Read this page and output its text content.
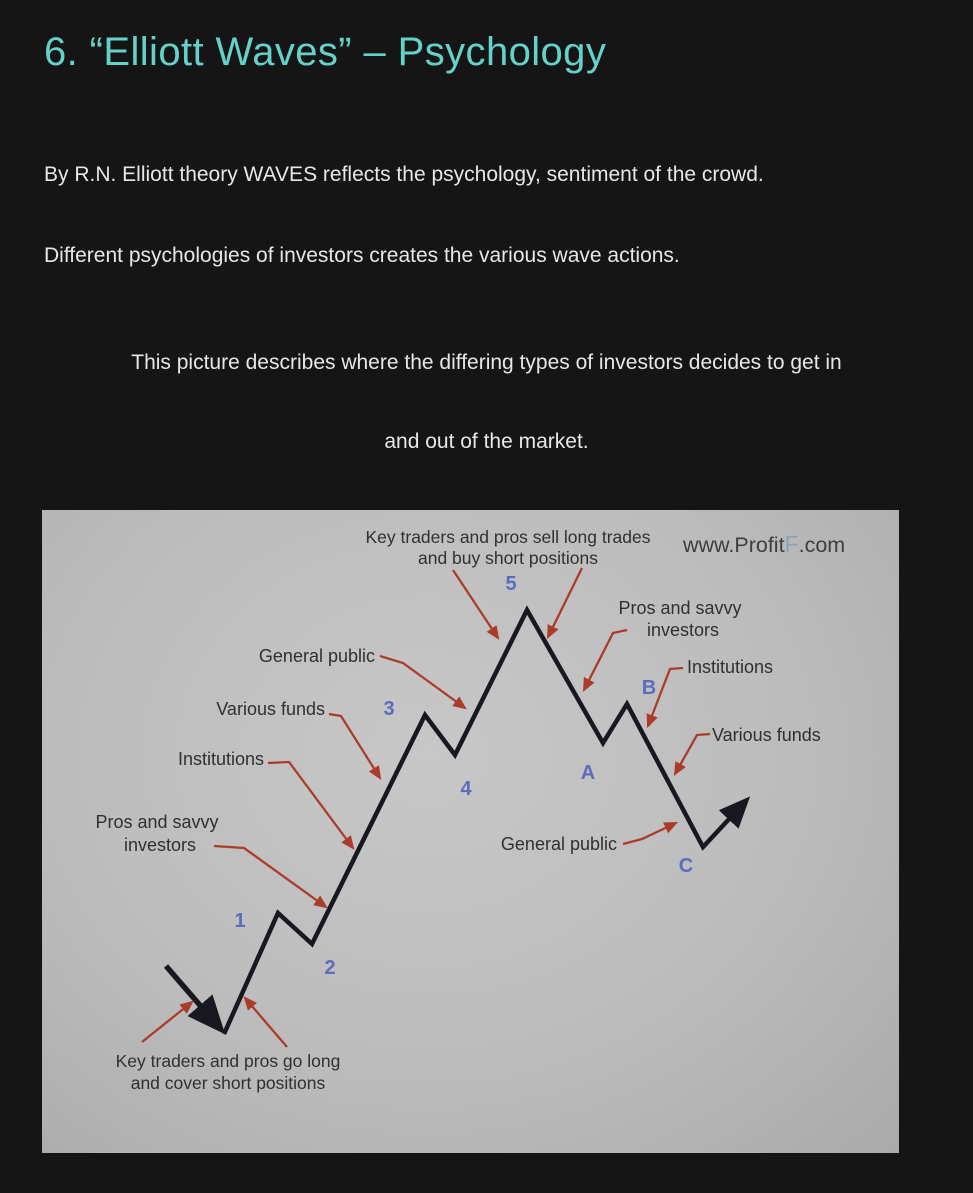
6. “Elliott Waves” – Psychology

By R.N. Elliott theory WAVES reflects the psychology, sentiment of the crowd.

Different psychologies of investors creates the various wave actions.

This picture describes where the differing types of investors decides to get in
and out of the market.
1
2
3
4
5
A
B
C
Key traders and pros sell long trades
and buy short positions
Pros and savvy
investors
Institutions
Various funds
General public
General public
Various funds
Institutions
Pros and savvy
investors
Key traders and pros go long
and cover short positions
www.ProfitF.com
